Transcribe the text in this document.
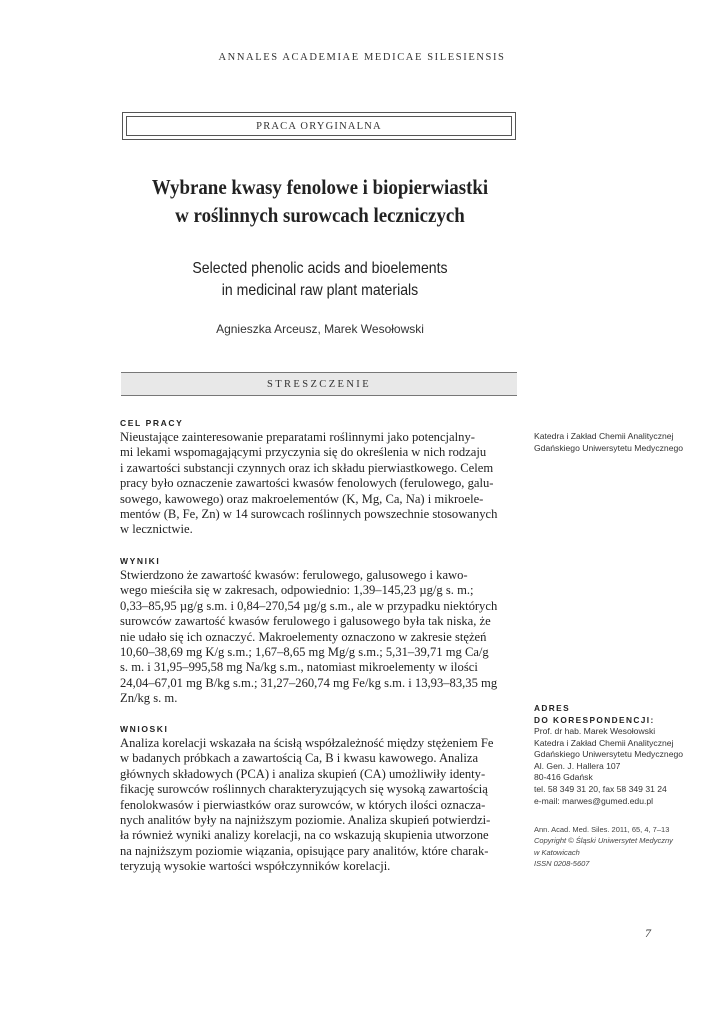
ANNALES ACADEMIAE MEDICAE SILESIENSIS
PRACA ORYGINALNA
Wybrane kwasy fenolowe i biopierwiastki
w roślinnych surowcach leczniczych
Selected phenolic acids and bioelements
in medicinal raw plant materials
Agnieszka Arceusz, Marek Wesołowski
STRESZCZENIE
CEL PRACY
Nieustające zainteresowanie preparatami roślinnymi jako potencjalny-
mi lekami wspomagającymi przyczynia się do określenia w nich rodzaju
i zawartości substancji czynnych oraz ich składu pierwiastkowego. Celem
pracy było oznaczenie zawartości kwasów fenolowych (ferulowego, galu-
sowego, kawowego) oraz makroelementów (K, Mg, Ca, Na) i mikroele-
mentów (B, Fe, Zn) w 14 surowcach roślinnych powszechnie stosowanych
w lecznictwie.
WYNIKI
Stwierdzono że zawartość kwasów: ferulowego, galusowego i kawo-
wego mieściła się w zakresach, odpowiednio: 1,39–145,23 µg/g s. m.;
0,33–85,95 µg/g s.m. i 0,84–270,54 µg/g s.m., ale w przypadku niektórych
surowców zawartość kwasów ferulowego i galusowego była tak niska, że
nie udało się ich oznaczyć. Makroelementy oznaczono w zakresie stężeń
10,60–38,69 mg K/g s.m.; 1,67–8,65 mg Mg/g s.m.; 5,31–39,71 mg Ca/g
s. m. i 31,95–995,58 mg Na/kg s.m., natomiast mikroelementy w ilości
24,04–67,01 mg B/kg s.m.; 31,27–260,74 mg Fe/kg s.m. i 13,93–83,35 mg
Zn/kg s. m.
WNIOSKI
Analiza korelacji wskazała na ścisłą współzależność między stężeniem Fe
w badanych próbkach a zawartością Ca, B i kwasu kawowego. Analiza
głównych składowych (PCA) i analiza skupień (CA) umożliwiły identy-
fikację surowców roślinnych charakteryzujących się wysoką zawartością
fenolokwasów i pierwiastków oraz surowców, w których ilości oznacza-
nych analitów były na najniższym poziomie. Analiza skupień potwierdzi-
ła również wyniki analizy korelacji, na co wskazują skupienia utworzone
na najniższym poziomie wiązania, opisujące pary analitów, które charak-
teryzują wysokie wartości współczynników korelacji.
Katedra i Zakład Chemii Analitycznej
Gdańskiego Uniwersytetu Medycznego
ADRES
DO KORESPONDENCJI:
Prof. dr hab. Marek Wesołowski
Katedra i Zakład Chemii Analitycznej
Gdańskiego Uniwersytetu Medycznego
Al. Gen. J. Hallera 107
80-416 Gdańsk
tel. 58 349 31 20, fax 58 349 31 24
e-mail: marwes@gumed.edu.pl
Ann. Acad. Med. Siles. 2011, 65, 4, 7–13
Copyright © Śląski Uniwersytet Medyczny
w Katowicach
ISSN 0208-5607
7
